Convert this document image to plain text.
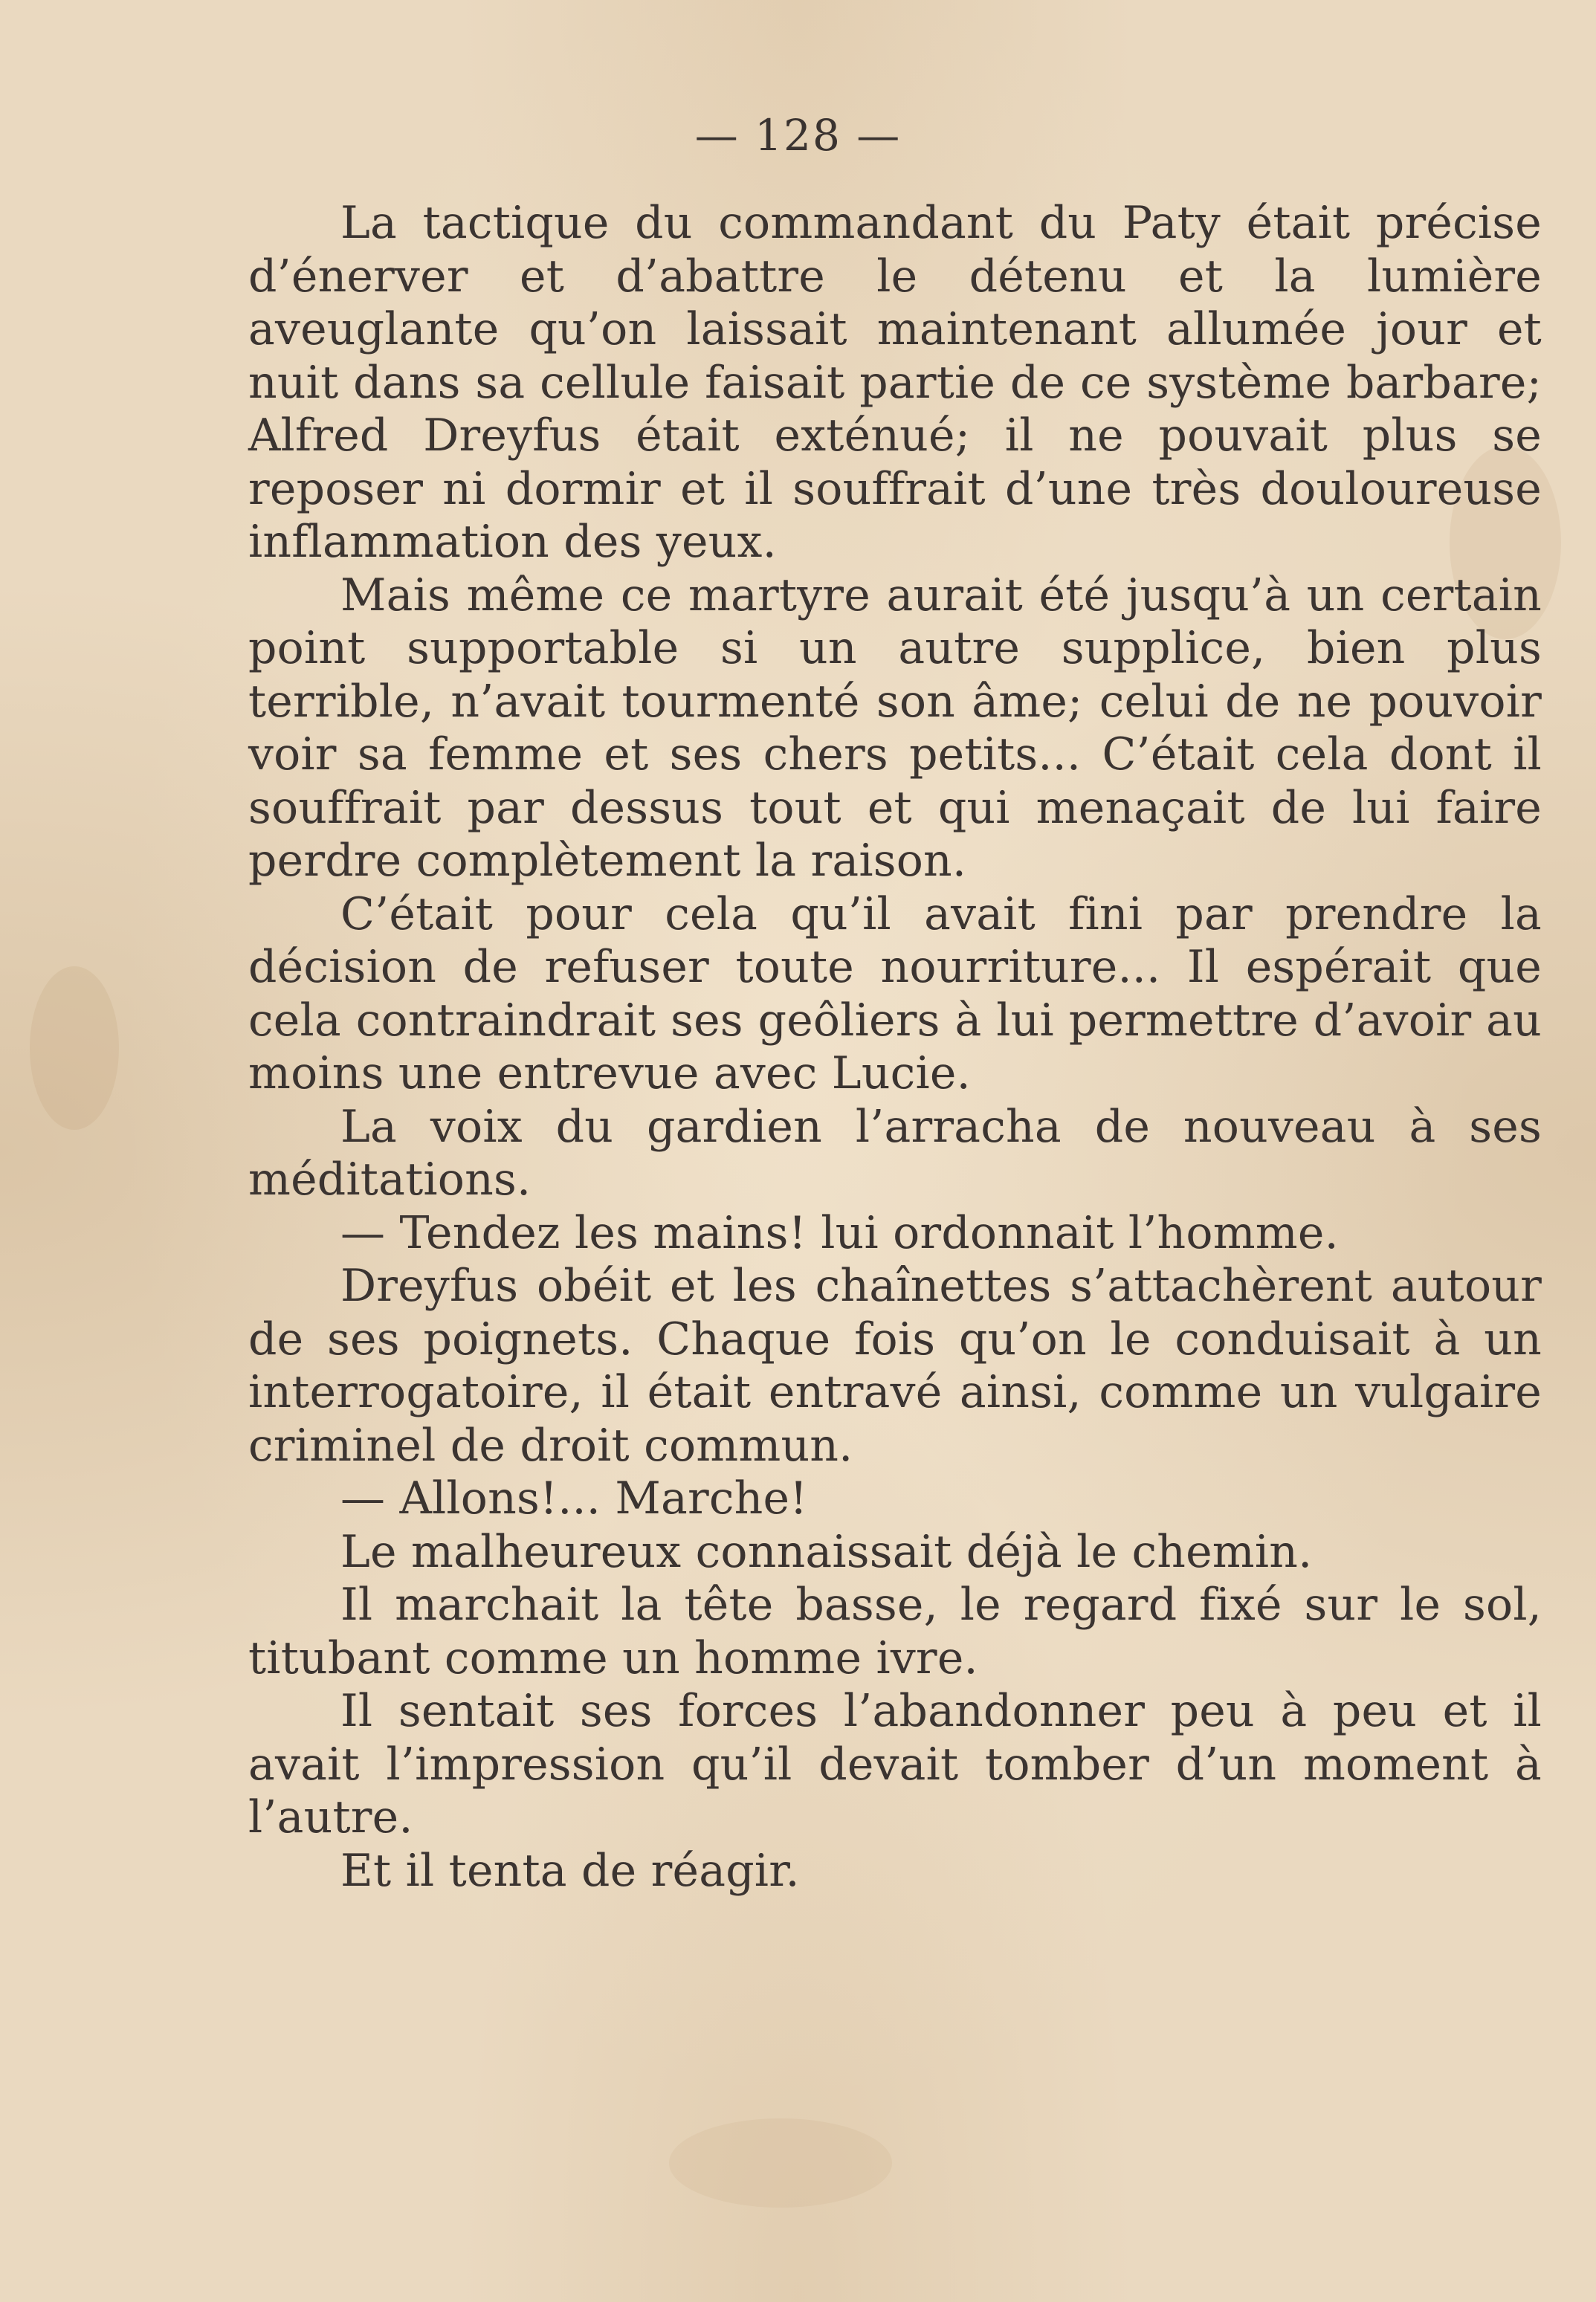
— 128 —

La tactique du commandant du Paty était précise d’énerver et d’abattre le détenu et la lumière aveuglante qu’on laissait maintenant allumée jour et nuit dans sa cellule faisait partie de ce système barbare; Alfred Dreyfus était exténué; il ne pouvait plus se reposer ni dormir et il souffrait d’une très douloureuse inflammation des yeux.

Mais même ce martyre aurait été jusqu’à un certain point supportable si un autre supplice, bien plus terrible, n’avait tourmenté son âme; celui de ne pouvoir voir sa femme et ses chers petits... C’était cela dont il souffrait par dessus tout et qui menaçait de lui faire perdre complètement la raison.

C’était pour cela qu’il avait fini par prendre la décision de refuser toute nourriture... Il espérait que cela contraindrait ses geôliers à lui permettre d’avoir au moins une entrevue avec Lucie.

La voix du gardien l’arracha de nouveau à ses méditations.

— Tendez les mains! lui ordonnait l’homme.

Dreyfus obéit et les chaînettes s’attachèrent autour de ses poignets. Chaque fois qu’on le conduisait à un interrogatoire, il était entravé ainsi, comme un vulgaire criminel de droit commun.

— Allons!... Marche!

Le malheureux connaissait déjà le chemin.

Il marchait la tête basse, le regard fixé sur le sol, titubant comme un homme ivre.

Il sentait ses forces l’abandonner peu à peu et il avait l’impression qu’il devait tomber d’un moment à l’autre.

Et il tenta de réagir.
